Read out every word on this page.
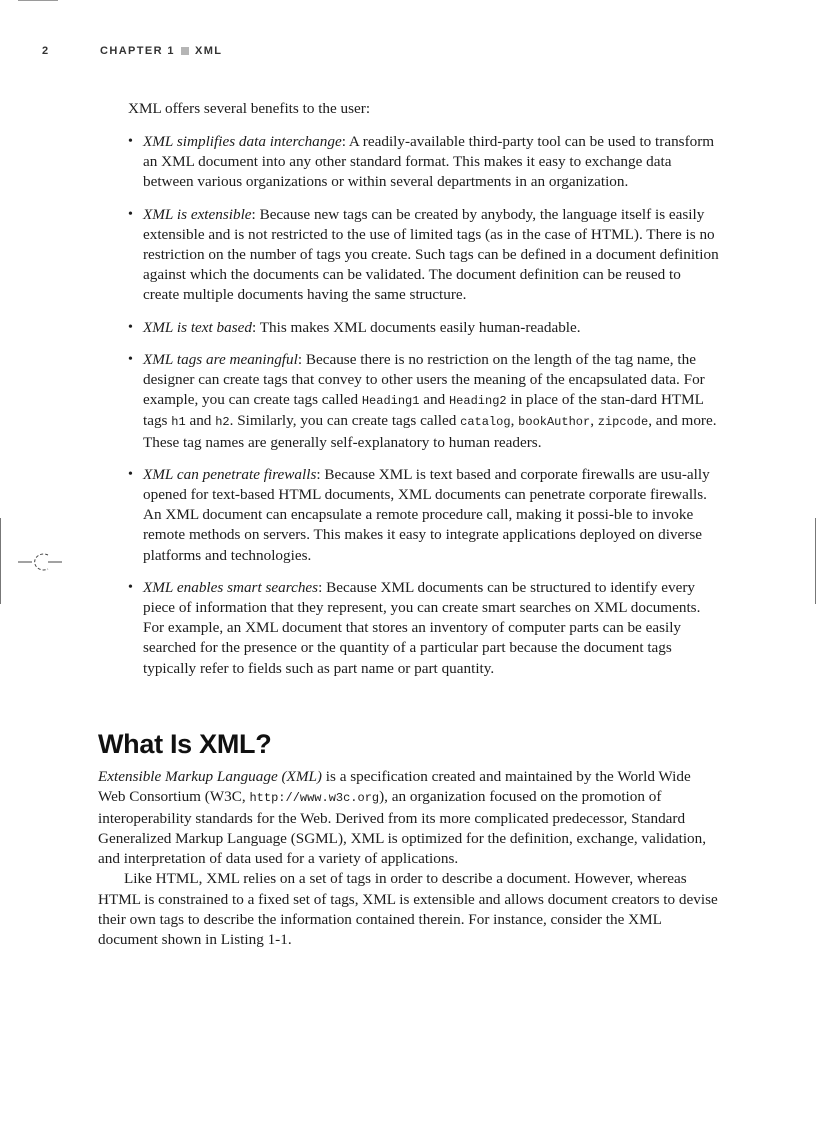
2	CHAPTER 1 XML

XML offers several benefits to the user:

• XML simplifies data interchange: A readily-available third-party tool can be used to transform an XML document into any other standard format. This makes it easy to exchange data between various organizations or within several departments in an organization.
• XML is extensible: Because new tags can be created by anybody, the language itself is easily extensible and is not restricted to the use of limited tags (as in the case of HTML). There is no restriction on the number of tags you create. Such tags can be defined in a document definition against which the documents can be validated. The document definition can be reused to create multiple documents having the same structure.
• XML is text based: This makes XML documents easily human-readable.
• XML tags are meaningful: Because there is no restriction on the length of the tag name, the designer can create tags that convey to other users the meaning of the encapsulated data. For example, you can create tags called Heading1 and Heading2 in place of the stan-dard HTML tags h1 and h2. Similarly, you can create tags called catalog, bookAuthor, zipcode, and more. These tag names are generally self-explanatory to human readers.
• XML can penetrate firewalls: Because XML is text based and corporate firewalls are usu-ally opened for text-based HTML documents, XML documents can penetrate corporate firewalls. An XML document can encapsulate a remote procedure call, making it possi-ble to invoke remote methods on servers. This makes it easy to integrate applications deployed on diverse platforms and technologies.
• XML enables smart searches: Because XML documents can be structured to identify every piece of information that they represent, you can create smart searches on XML documents. For example, an XML document that stores an inventory of computer parts can be easily searched for the presence or the quantity of a particular part because the document tags typically refer to fields such as part name or part quantity.
What Is XML?

Extensible Markup Language (XML) is a specification created and maintained by the World Wide Web Consortium (W3C, http://www.w3c.org), an organization focused on the promotion of interoperability standards for the Web. Derived from its more complicated predecessor, Standard Generalized Markup Language (SGML), XML is optimized for the definition, exchange, validation, and interpretation of data used for a variety of applications.

Like HTML, XML relies on a set of tags in order to describe a document. However, whereas HTML is constrained to a fixed set of tags, XML is extensible and allows document creators to devise their own tags to describe the information contained therein. For instance, consider the XML document shown in Listing 1-1.
